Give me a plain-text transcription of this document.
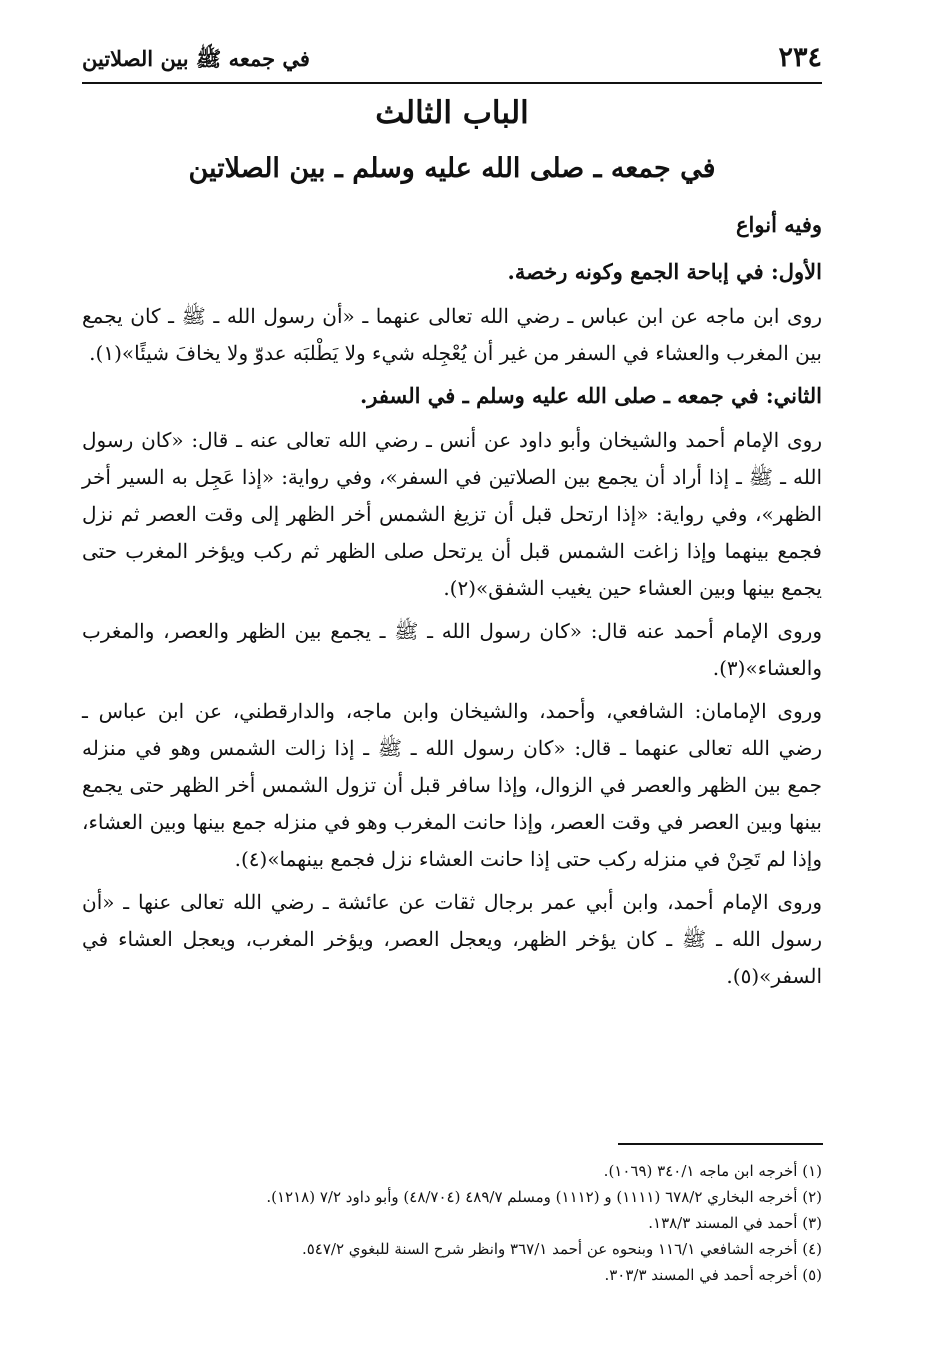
٢٣٤
في جمعه ﷺ بين الصلاتين
الباب الثالث
في جمعه ـ صلى الله عليه وسلم ـ بين الصلاتين

وفيه أنواع

الأول: في إباحة الجمع وكونه رخصة.

روى ابن ماجه عن ابن عباس ـ رضي الله تعالى عنهما ـ «أن رسول الله ـ ﷺ ـ كان يجمع بين المغرب والعشاء في السفر من غير أن يُعْجِله شيء ولا يَطْلبَه عدوّ ولا يخافَ شيئًا»(١).

الثاني: في جمعه ـ صلى الله عليه وسلم ـ في السفر.

روى الإمام أحمد والشيخان وأبو داود عن أنس ـ رضي الله تعالى عنه ـ قال: «كان رسول الله ـ ﷺ ـ إذا أراد أن يجمع بين الصلاتين في السفر»، وفي رواية: «إذا عَجِل به السير أخر الظهر»، وفي رواية: «إذا ارتحل قبل أن تزيغ الشمس أخر الظهر إلى وقت العصر ثم نزل فجمع بينهما وإذا زاغت الشمس قبل أن يرتحل صلى الظهر ثم ركب ويؤخر المغرب حتى يجمع بينها وبين العشاء حين يغيب الشفق»(٢).

وروى الإمام أحمد عنه قال: «كان رسول الله ـ ﷺ ـ يجمع بين الظهر والعصر، والمغرب والعشاء»(٣).

وروى الإمامان: الشافعي، وأحمد، والشيخان وابن ماجه، والدارقطني، عن ابن عباس ـ رضي الله تعالى عنهما ـ قال: «كان رسول الله ـ ﷺ ـ إذا زالت الشمس وهو في منزله جمع بين الظهر والعصر في الزوال، وإذا سافر قبل أن تزول الشمس أخر الظهر حتى يجمع بينها وبين العصر في وقت العصر، وإذا حانت المغرب وهو في منزله جمع بينها وبين العشاء، وإذا لم تَحِنْ في منزله ركب حتى إذا حانت العشاء نزل فجمع بينهما»(٤).

وروى الإمام أحمد، وابن أبي عمر برجال ثقات عن عائشة ـ رضي الله تعالى عنها ـ «أن رسول الله ـ ﷺ ـ كان يؤخر الظهر، ويعجل العصر، ويؤخر المغرب، ويعجل العشاء في السفر»(٥).

(١) أخرجه ابن ماجه ٣٤٠/١ (١٠٦٩).

(٢) أخرجه البخاري ٦٧٨/٢ (١١١١) و (١١١٢) ومسلم ٤٨٩/٧ (٤٨/٧٠٤) وأبو داود ٧/٢ (١٢١٨).

(٣) أحمد في المسند ١٣٨/٣.

(٤) أخرجه الشافعي ١١٦/١ وبنحوه عن أحمد ٣٦٧/١ وانظر شرح السنة للبغوي ٥٤٧/٢.

(٥) أخرجه أحمد في المسند ٣٠٣/٣.
